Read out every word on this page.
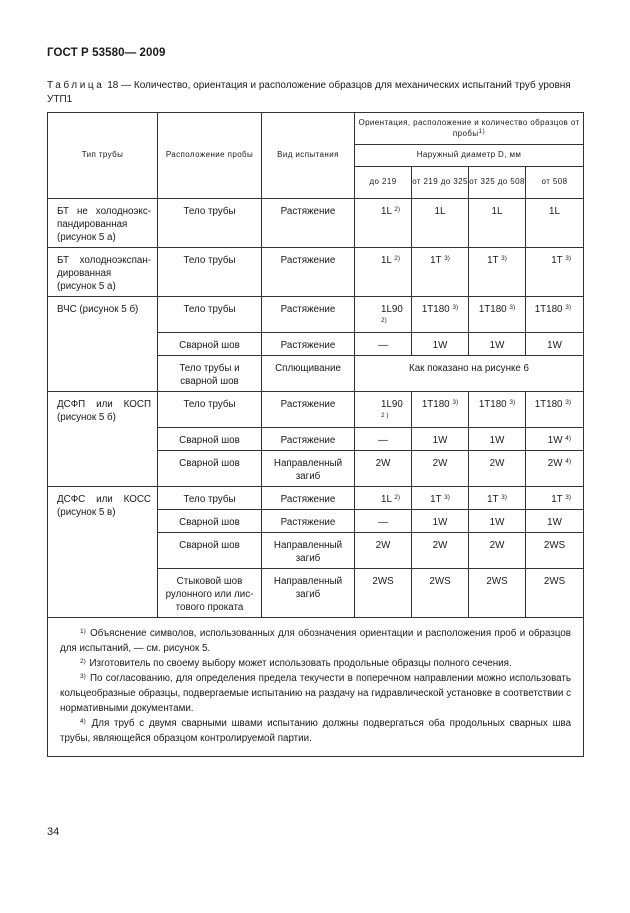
ГОСТ Р 53580— 2009
Таблица 18 — Количество, ориентация и расположение образцов для механических испытаний труб уровня УТП1
Тип трубы	Расположение пробы	Вид испытания	Ориентация, расположение и количество образцов от пробы$^{1)}$
			Наружный диаметр D, мм			
			до 219	от 219 до 325	от 325 до 508	от 508
БТ не холоднoэкс-пандированная (рисунок 5 а)	Тело трубы	Растяжение	1L $^{2)}$	1L	1L	1L
БТ холоднoэкспан-дированная (рисунок 5 а)	Тело трубы	Растяжение	1L $^{2)}$	1T $^{3)}$	1T $^{3)}$	1T $^{3)}$
ВЧС (рисунок 5 б)	Тело трубы	Растяжение	1L90 $^{2)}$	1T180 $^{3)}$	1T180 $^{3)}$	1T180 $^{3)}$
	Сварной шов	Растяжение	—	1W	1W	1W
	Тело трубы и сварной шов	Сплющивание	Как показано на рисунке 6			
ДСФП или КОСП (рисунок 5 б)	Тело трубы	Растяжение	1L90 $^{2 )}$	1T180 $^{3)}$	1T180 $^{3)}$	1T180 $^{3)}$
	Сварной шов	Растяжение	—	1W	1W	1W $^{4)}$
	Сварной шов	Направленный загиб	2W	2W	2W	2W $^{4)}$
ДСФС или КОСС (рисунок 5 в)	Тело трубы	Растяжение	1L $^{2)}$	1T $^{3)}$	1T $^{3)}$	1T $^{3)}$
	Сварной шов	Растяжение	—	1W	1W	1W
	Сварной шов	Направленный загиб	2W	2W	2W	2WS
	Стыковой шов рулонного или лис-тового проката	Направленный загиб	2WS	2WS	2WS	2WS

$^{1)}$ Объяснение символов, использованных для обозначения ориентации и расположения проб и образцов для испытаний, — см. рисунок 5.

$^{2)}$ Изготовитель по своему выбору может использовать продольные образцы полного сечения.

$^{3)}$ По согласованию, для определения предела текучести в поперечном направлении можно использовать кольцеобразные образцы, подвергаемые испытанию на раздачу на гидравлической установке в соответствии с нормативными документами.

$^{4)}$ Для труб с двумя сварными швами испытанию должны подвергаться оба продольных сварных шва трубы, являющейся образцом контролируемой партии.						

34
